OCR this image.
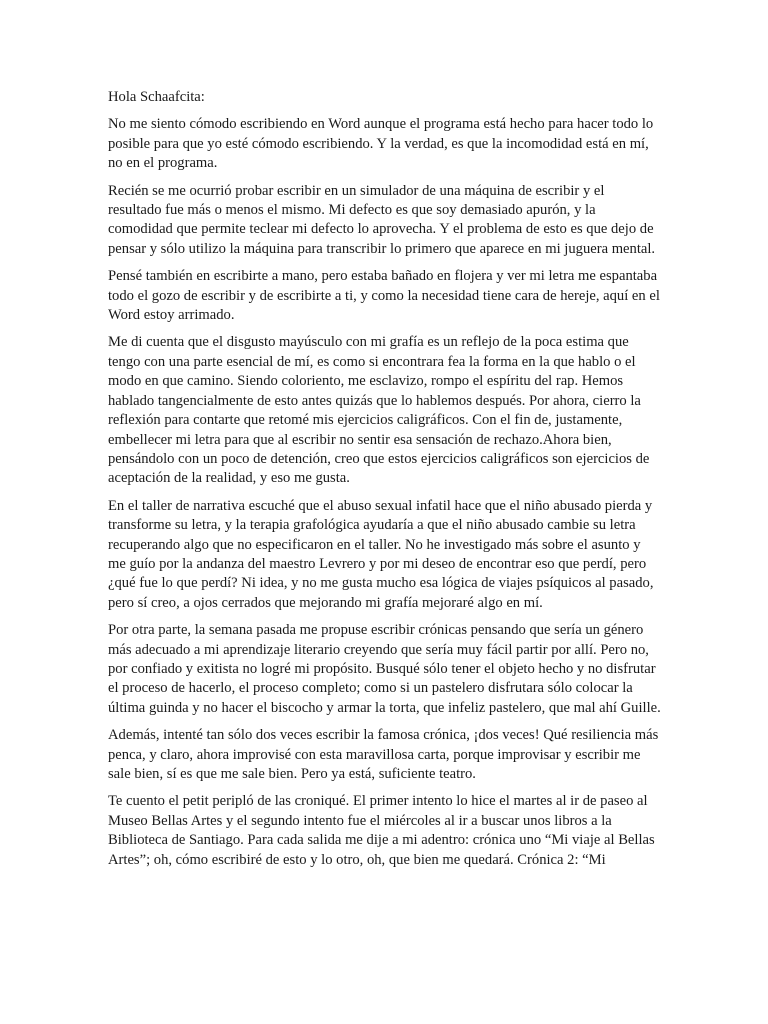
Hola Schaafcita:

No me siento cómodo escribiendo en Word aunque el programa está hecho para hacer todo lo posible para que yo esté cómodo escribiendo. Y la verdad, es que la incomodidad está en mí, no en el programa.

Recién se me ocurrió probar escribir en un simulador de una máquina de escribir y el resultado fue más o menos el mismo. Mi defecto es que soy demasiado apurón, y la comodidad que permite teclear mi defecto lo aprovecha. Y el problema de esto es que dejo de pensar y sólo utilizo la máquina para transcribir lo primero que aparece en mi juguera mental.

Pensé también en escribirte a mano, pero estaba bañado en flojera y ver mi letra me espantaba todo el gozo de escribir y de escribirte a ti, y como la necesidad tiene cara de hereje, aquí en el Word estoy arrimado.

Me di cuenta que el disgusto mayúsculo con mi grafía es un reflejo de la poca estima que tengo con una parte esencial de mí, es como si encontrara fea la forma en la que hablo o el modo en que camino. Siendo coloriento, me esclavizo, rompo el espíritu del rap. Hemos hablado tangencialmente de esto antes quizás que lo hablemos después. Por ahora, cierro la reflexión para contarte que retomé mis ejercicios caligráficos. Con el fin de, justamente, embellecer mi letra para que al escribir no sentir esa sensación de rechazo.Ahora bien, pensándolo con un poco de detención, creo que estos ejercicios caligráficos son ejercicios de aceptación de la realidad, y eso me gusta.

En el taller de narrativa escuché que el abuso sexual infatil hace que el niño abusado pierda y transforme su letra, y la terapia grafológica ayudaría a que el niño abusado cambie su letra recuperando algo que no especificaron en el taller. No he investigado más sobre el asunto y me guío por la andanza del maestro Levrero y por mi deseo de encontrar eso que perdí, pero ¿qué fue lo que perdí? Ni idea, y no me gusta mucho esa lógica de viajes psíquicos al pasado, pero sí creo, a ojos cerrados que mejorando mi grafía mejoraré algo en mí.

Por otra parte, la semana pasada me propuse escribir crónicas pensando que sería un género más adecuado a mi aprendizaje literario creyendo que sería muy fácil partir por allí. Pero no, por confiado y exitista no logré mi propósito. Busqué sólo tener el objeto hecho y no disfrutar el proceso de hacerlo, el proceso completo; como si un pastelero disfrutara sólo colocar la última guinda y no hacer el biscocho y armar la torta, que infeliz pastelero, que mal ahí Guille.

Además, intenté tan sólo dos veces escribir la famosa crónica, ¡dos veces! Qué resiliencia más penca, y claro, ahora improvisé con esta maravillosa carta, porque improvisar y escribir me sale bien, sí es que me sale bien. Pero ya está, suficiente teatro.

Te cuento el petit peripló de las croniqué. El primer intento lo hice el martes al ir de paseo al Museo Bellas Artes y el segundo intento fue el miércoles al ir a buscar unos libros a la Biblioteca de Santiago. Para cada salida me dije a mi adentro: crónica uno “Mi viaje al Bellas Artes”; oh, cómo escribiré de esto y lo otro, oh, que bien me quedará. Crónica 2: “Mi
